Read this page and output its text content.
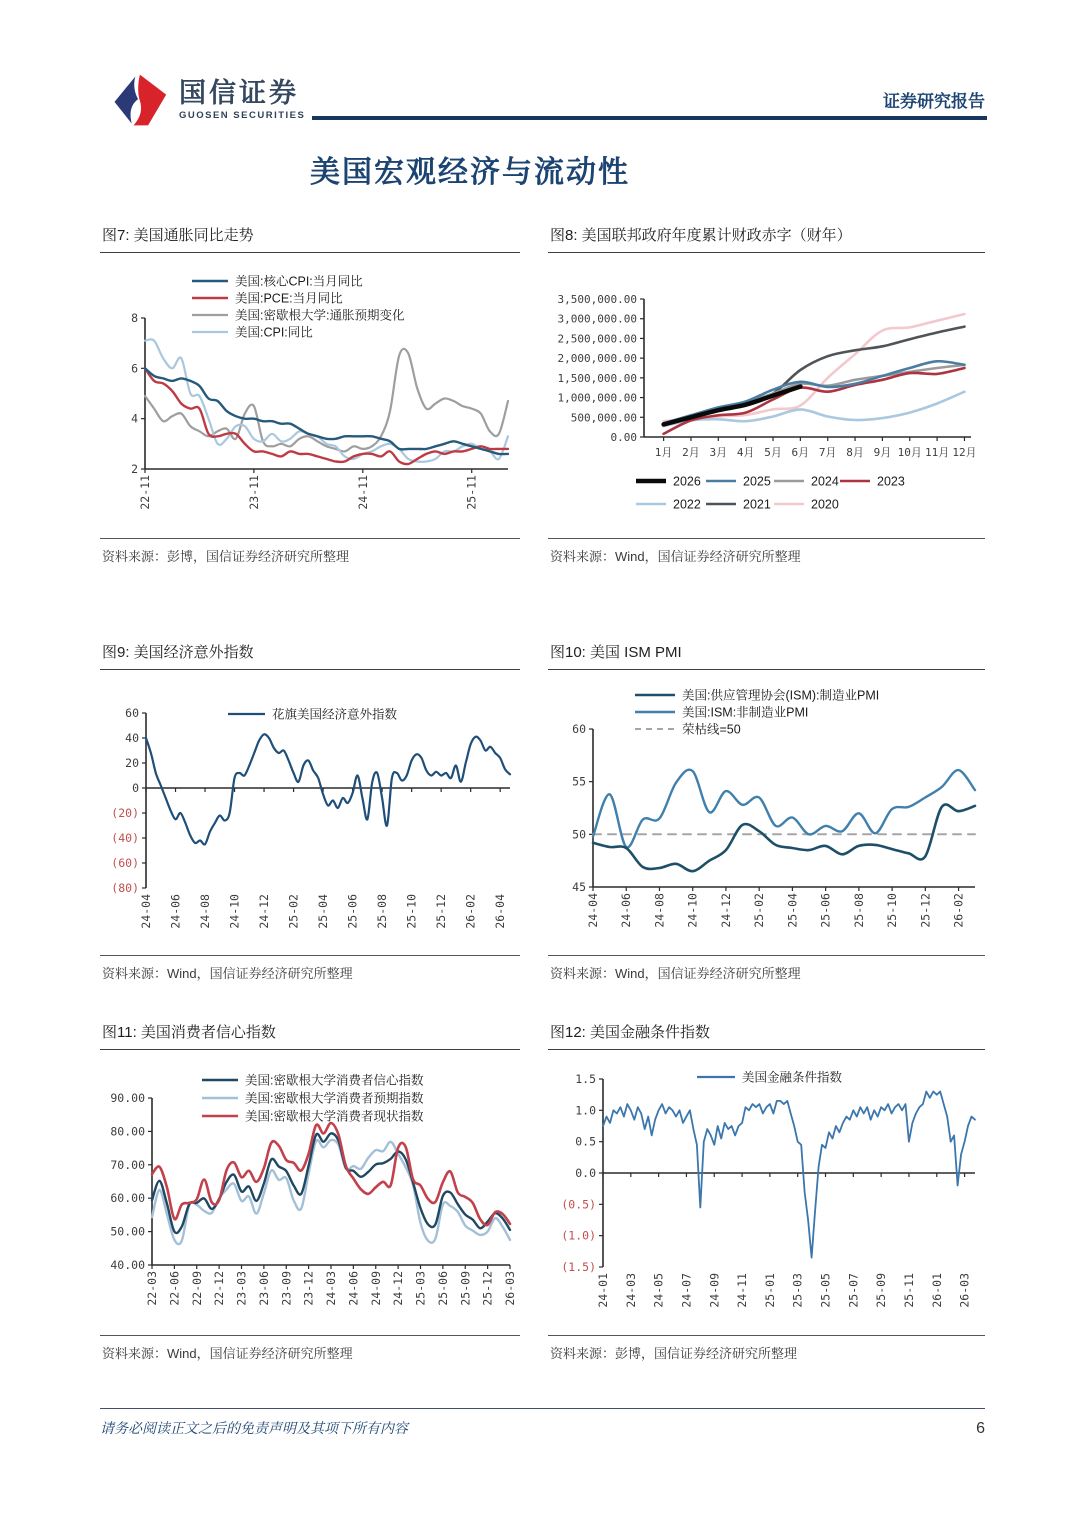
国信证券
GUOSEN SECURITIES
证券研究报告
美国宏观经济与流动性
图7: 美国通胀同比走势
8
6
4
2
22-11	23-11	24-11	25-11
美国:核心CPI:当月同比
美国:PCE:当月同比
美国:密歇根大学:通胀预期变化
美国:CPI:同比
资料来源：彭博，国信证券经济研究所整理
图8: 美国联邦政府年度累计财政赤字（财年）
3,500,000.00
3,000,000.00
2,500,000.00
2,000,000.00
1,500,000.00
1,000,000.00
500,000.00
0.00
1月 2月 3月 4月 5月 6月 7月 8月 9月 10月 11月 12月
2026	2025	2024	2023
2022	2021	2020
资料来源：Wind，国信证券经济研究所整理
图9: 美国经济意外指数
60
40
20
0
(20)
(40)
(60)
(80)
24-04 24-06 24-08 24-10 24-12 25-02 25-04 25-06 25-08 25-10 25-12 26-02 26-04
花旗美国经济意外指数
资料来源：Wind，国信证券经济研究所整理
图10: 美国 ISM PMI
60
55
50
45
24-04 24-06 24-08 24-10 24-12 25-02 25-04 25-06 25-08 25-10 25-12 26-02
美国:供应管理协会(ISM):制造业PMI
美国:ISM:非制造业PMI
荣枯线=50
资料来源：Wind，国信证券经济研究所整理
图11: 美国消费者信心指数
90.00
80.00
70.00
60.00
50.00
40.00
22-03 22-06 22-09 22-12 23-03 23-06 23-09 23-12 24-03 24-06 24-09 24-12 25-03 25-06 25-09 25-12 26-03
美国:密歇根大学消费者信心指数
美国:密歇根大学消费者预期指数
美国:密歇根大学消费者现状指数
资料来源：Wind，国信证券经济研究所整理
图12: 美国金融条件指数
1.5
1.0
0.5
0.0
(0.5)
(1.0)
(1.5)
24-01 24-03 24-05 24-07 24-09 24-11 25-01 25-03 25-05 25-07 25-09 25-11 26-01 26-03
美国金融条件指数
资料来源：彭博，国信证券经济研究所整理
请务必阅读正文之后的免责声明及其项下所有内容	6
